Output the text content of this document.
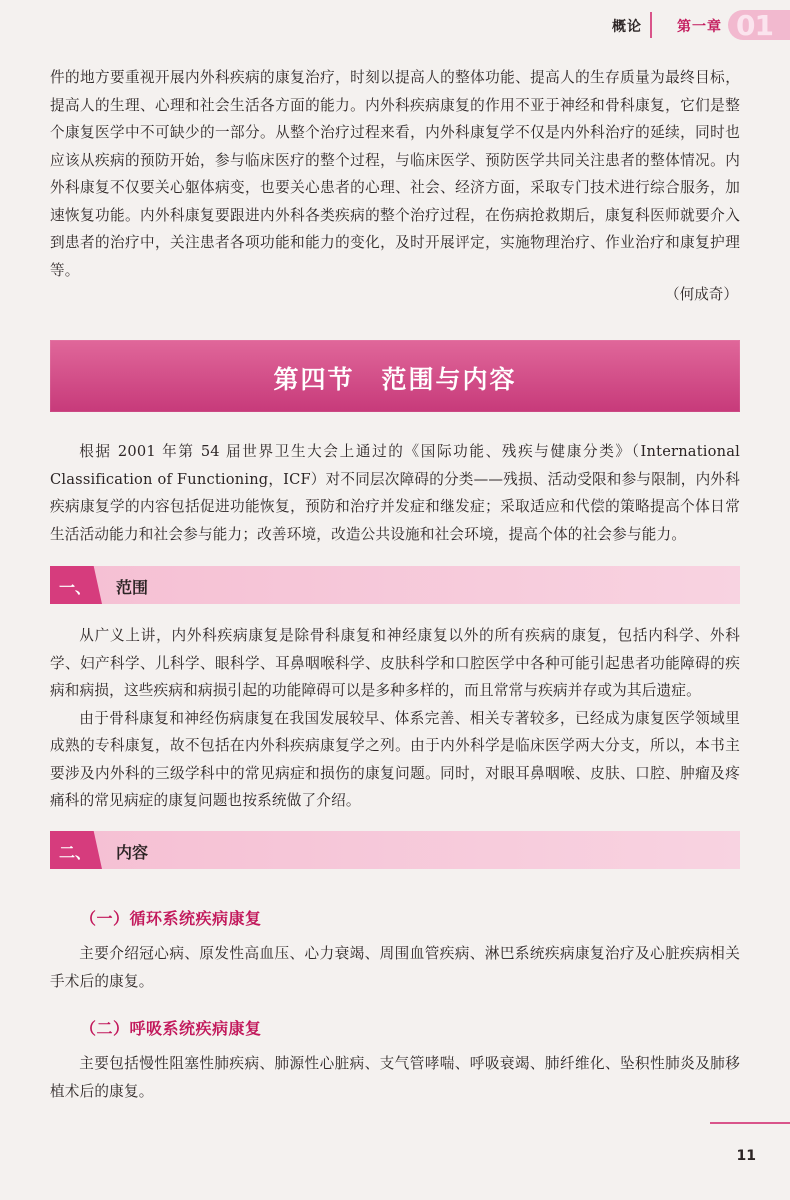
概论	第一章 01

件的地方要重视开展内外科疾病的康复治疗，时刻以提高人的整体功能、提高人的生存质量为最终目标，提高人的生理、心理和社会生活各方面的能力。内外科疾病康复的作用不亚于神经和骨科康复，它们是整个康复医学中不可缺少的一部分。从整个治疗过程来看，内外科康复学不仅是内外科治疗的延续，同时也应该从疾病的预防开始，参与临床医疗的整个过程，与临床医学、预防医学共同关注患者的整体情况。内外科康复不仅要关心躯体病变，也要关心患者的心理、社会、经济方面，采取专门技术进行综合服务，加速恢复功能。内外科康复要跟进内外科各类疾病的整个治疗过程，在伤病抢救期后，康复科医师就要介入到患者的治疗中，关注患者各项功能和能力的变化，及时开展评定，实施物理治疗、作业治疗和康复护理等。

（何成奇）
第四节　范围与内容

根据 2001 年第 54 届世界卫生大会上通过的《国际功能、残疾与健康分类》（International Classification of Functioning，ICF）对不同层次障碍的分类——残损、活动受限和参与限制，内外科疾病康复学的内容包括促进功能恢复，预防和治疗并发症和继发症；采取适应和代偿的策略提高个体日常生活活动能力和社会参与能力；改善环境，改造公共设施和社会环境，提高个体的社会参与能力。

一、	范围

从广义上讲，内外科疾病康复是除骨科康复和神经康复以外的所有疾病的康复，包括内科学、外科学、妇产科学、儿科学、眼科学、耳鼻咽喉科学、皮肤科学和口腔医学中各种可能引起患者功能障碍的疾病和病损，这些疾病和病损引起的功能障碍可以是多种多样的，而且常常与疾病并存或为其后遗症。

由于骨科康复和神经伤病康复在我国发展较早、体系完善、相关专著较多，已经成为康复医学领域里成熟的专科康复，故不包括在内外科疾病康复学之列。由于内外科学是临床医学两大分支，所以，本书主要涉及内外科的三级学科中的常见病症和损伤的康复问题。同时，对眼耳鼻咽喉、皮肤、口腔、肿瘤及疼痛科的常见病症的康复问题也按系统做了介绍。

二、	内容
（一）循环系统疾病康复

主要介绍冠心病、原发性高血压、心力衰竭、周围血管疾病、淋巴系统疾病康复治疗及心脏疾病相关手术后的康复。

（二）呼吸系统疾病康复

主要包括慢性阻塞性肺疾病、肺源性心脏病、支气管哮喘、呼吸衰竭、肺纤维化、坠积性肺炎及肺移植术后的康复。

11
